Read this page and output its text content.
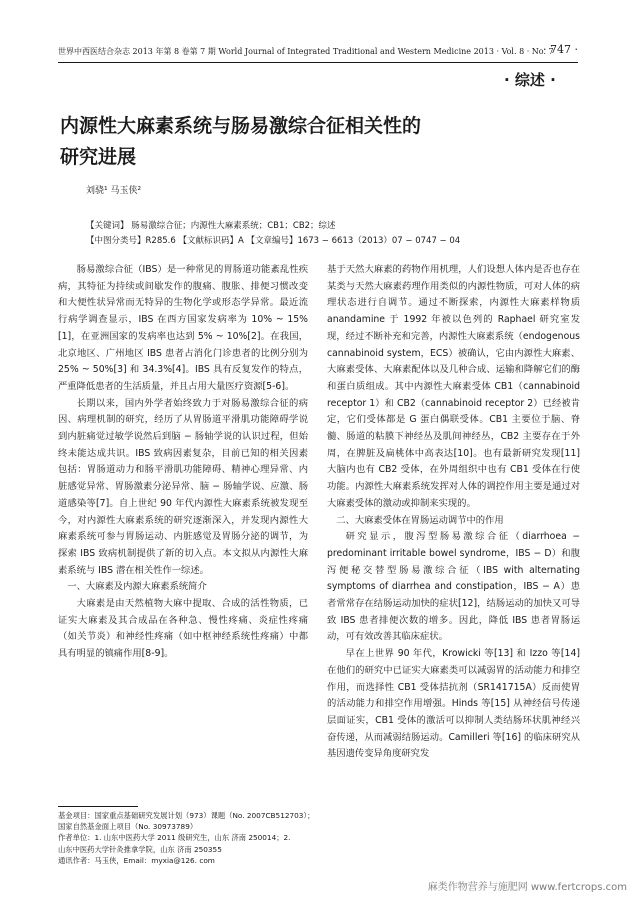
世界中西医结合杂志 2013 年第 8 卷第 7 期 World Journal of Integrated Traditional and Western Medicine 2013 · Vol. 8 · No. 7
· 747 ·
· 综述 ·
内源性大麻素系统与肠易激综合征相关性的
研究进展
刘骁¹ 马玉侠²
【关键词】 肠易激综合征；内源性大麻素系统；CB1；CB2；综述
【中图分类号】R285.6 【文献标识码】A 【文章编号】1673 − 6613（2013）07 − 0747 − 04

肠易激综合征（IBS）是一种常见的胃肠道功能紊乱性疾病，其特征为持续或间歇发作的腹痛、腹胀、排便习惯改变和大便性状异常而无特异的生物化学或形态学异常。最近流行病学调查显示，IBS 在西方国家发病率为 10% ~ 15%[1]，在亚洲国家的发病率也达到 5% ~ 10%[2]。在我国，北京地区、广州地区 IBS 患者占消化门诊患者的比例分别为 25% ~ 50%[3] 和 34.3%[4]。IBS 具有反复发作的特点，严重降低患者的生活质量，并且占用大量医疗资源[5-6]。

长期以来，国内外学者始终致力于对肠易激综合征的病因、病理机制的研究，经历了从胃肠道平滑肌功能障碍学说到内脏痛觉过敏学说然后到脑 − 肠轴学说的认识过程，但始终未能达成共识。IBS 致病因素复杂，目前已知的相关因素包括：胃肠道动力和肠平滑肌功能障碍、精神心理异常、内脏感觉异常、胃肠激素分泌异常、脑 − 肠轴学说、应激、肠道感染等[7]。自上世纪 90 年代内源性大麻素系统被发现至今，对内源性大麻素系统的研究逐渐深入，并发现内源性大麻素系统可参与胃肠运动、内脏感觉及胃肠分泌的调节，为探索 IBS 致病机制提供了新的切入点。本文拟从内源性大麻素系统与 IBS 潜在相关性作一综述。

一、大麻素及内源大麻素系统简介

大麻素是由天然植物大麻中提取、合成的活性物质，已证实大麻素及其合成品在各种急、慢性疼痛、炎症性疼痛（如关节炎）和神经性疼痛（如中枢神经系统性疼痛）中都具有明显的镇痛作用[8-9]。

基于天然大麻素的药物作用机理，人们设想人体内是否也存在某类与天然大麻素药理作用类似的内源性物质，可对人体的病理状态进行自调节。通过不断探索，内源性大麻素样物质 anandamine 于 1992 年被以色列的 Raphael 研究室发现，经过不断补充和完善，内源性大麻素系统（endogenous cannabinoid system，ECS）被确认，它由内源性大麻素、大麻素受体、大麻素配体以及几种合成、运输和降解它们的酶和蛋白质组成。其中内源性大麻素受体 CB1（cannabinoid receptor 1）和 CB2（cannabinoid receptor 2）已经被肯定，它们受体都是 G 蛋白偶联受体。CB1 主要位于脑、脊髓、肠道的粘膜下神经丛及肌间神经丛，CB2 主要存在于外周，在脾脏及扁桃体中高表达[10]。也有最新研究发现[11] 大脑内也有 CB2 受体，在外周组织中也有 CB1 受体在行使功能。内源性大麻素系统发挥对人体的调控作用主要是通过对大麻素受体的激动或抑制来实现的。

二、大麻素受体在胃肠运动调节中的作用

研究显示，腹泻型肠易激综合征（diarrhoea − predominant irritable bowel syndrome，IBS − D）和腹泻便秘交替型肠易激综合征（IBS with alternating symptoms of diarrhea and constipation，IBS − A）患者常常存在结肠运动加快的症状[12]，结肠运动的加快又可导致 IBS 患者排便次数的增多。因此，降低 IBS 患者胃肠运动，可有效改善其临床症状。

早在上世界 90 年代，Krowicki 等[13] 和 Izzo 等[14] 在他们的研究中已证实大麻素类可以减弱胃的活动能力和排空作用，而选择性 CB1 受体拮抗剂（SR141715A）反而使胃的活动能力和排空作用增强。Hinds 等[15] 从神经信号传递层面证实，CB1 受体的激活可以抑制人类结肠环状肌神经兴奋传递，从而减弱结肠运动。Camilleri 等[16] 的临床研究从基因遗传变异角度研究发

基金项目：国家重点基础研究发展计划（973）课题（No. 2007CB512703）；
国家自然基金面上项目（No. 30973789）
作者单位：1. 山东中医药大学 2011 级研究生，山东 济南 250014；2.
山东中医药大学针灸推拿学院，山东 济南 250355
通讯作者：马玉侠，Email：myxia@126. com
麻类作物营养与施肥网 www.fertcrops.com
